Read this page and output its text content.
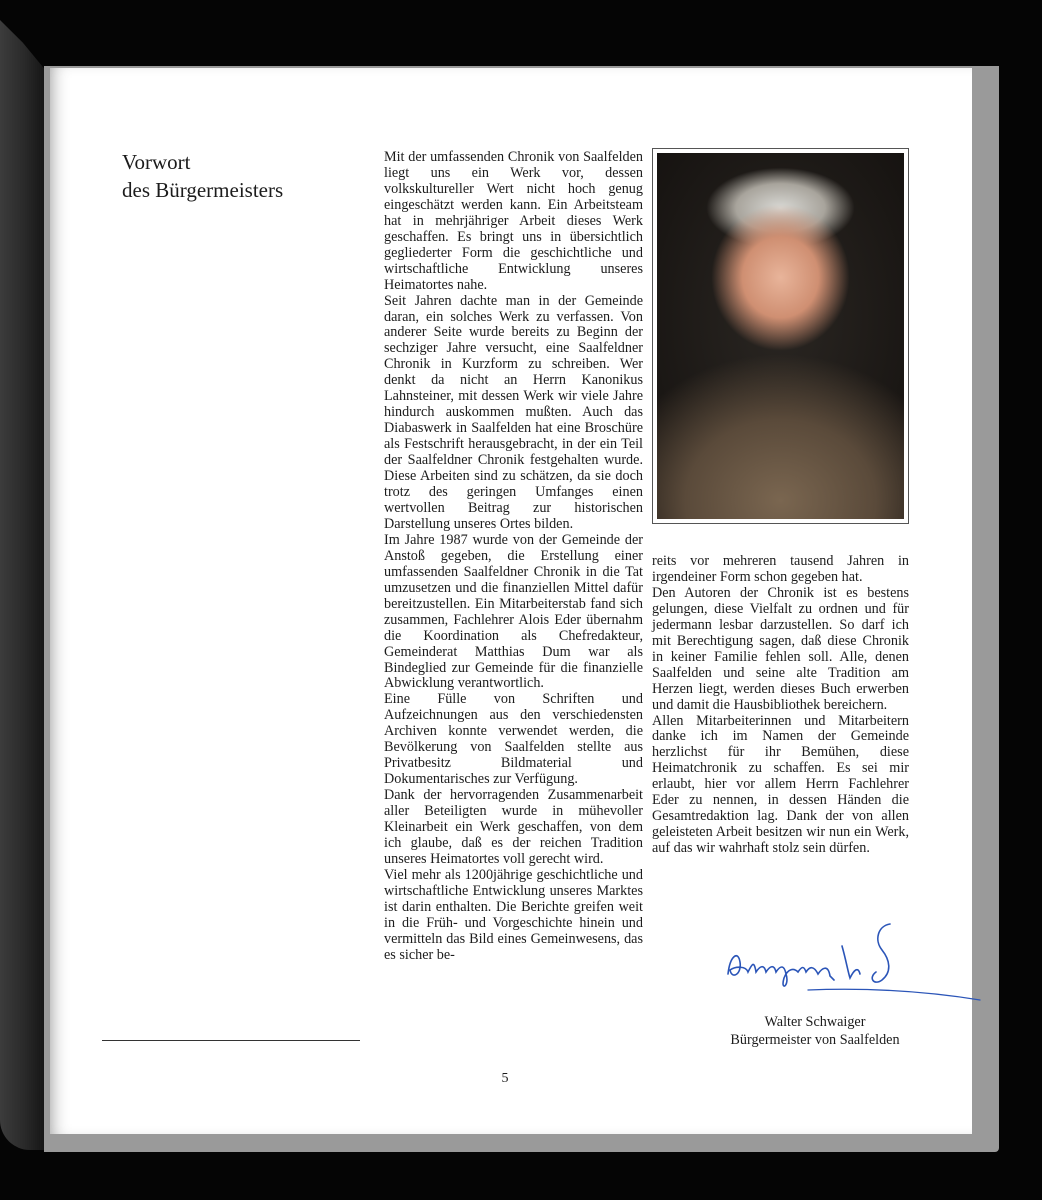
Vorwort
des Bürgermeisters

Mit der umfassenden Chronik von Saalfelden liegt uns ein Werk vor, dessen volkskultureller Wert nicht hoch genug eingeschätzt werden kann. Ein Arbeitsteam hat in mehrjähriger Arbeit dieses Werk geschaffen. Es bringt uns in übersichtlich gegliederter Form die geschichtliche und wirtschaftliche Entwicklung unseres Heimatortes nahe.

Seit Jahren dachte man in der Gemeinde daran, ein solches Werk zu verfassen. Von anderer Seite wurde bereits zu Beginn der sechziger Jahre versucht, eine Saalfeldner Chronik in Kurzform zu schreiben. Wer denkt da nicht an Herrn Kanonikus Lahnsteiner, mit dessen Werk wir viele Jahre hindurch auskommen mußten. Auch das Diabaswerk in Saalfelden hat eine Broschüre als Festschrift herausgebracht, in der ein Teil der Saalfeldner Chronik festgehalten wurde. Diese Arbeiten sind zu schätzen, da sie doch trotz des geringen Umfanges einen wertvollen Beitrag zur historischen Darstellung unseres Ortes bilden.

Im Jahre 1987 wurde von der Gemeinde der Anstoß gegeben, die Erstellung einer umfassenden Saalfeldner Chronik in die Tat umzusetzen und die finanziellen Mittel dafür bereitzustellen. Ein Mitarbeiterstab fand sich zusammen, Fachlehrer Alois Eder übernahm die Koordination als Chefredakteur, Gemeinderat Matthias Dum war als Bindeglied zur Gemeinde für die finanzielle Abwicklung verantwortlich.

Eine Fülle von Schriften und Aufzeichnungen aus den verschiedensten Archiven konnte verwendet werden, die Bevölkerung von Saalfelden stellte aus Privatbesitz Bildmaterial und Dokumentarisches zur Verfügung.

Dank der hervorragenden Zusammenarbeit aller Beteiligten wurde in mühevoller Kleinarbeit ein Werk geschaffen, von dem ich glaube, daß es der reichen Tradition unseres Heimatortes voll gerecht wird.

Viel mehr als 1200jährige geschichtliche und wirtschaftliche Entwicklung unseres Marktes ist darin enthalten. Die Berichte greifen weit in die Früh- und Vorgeschichte hinein und vermitteln das Bild eines Gemeinwesens, das es sicher be-

reits vor mehreren tausend Jahren in irgendeiner Form schon gegeben hat.

Den Autoren der Chronik ist es bestens gelungen, diese Vielfalt zu ordnen und für jedermann lesbar darzustellen. So darf ich mit Berechtigung sagen, daß diese Chronik in keiner Familie fehlen soll. Alle, denen Saalfelden und seine alte Tradition am Herzen liegt, werden dieses Buch erwerben und damit die Hausbibliothek bereichern.

Allen Mitarbeiterinnen und Mitarbeitern danke ich im Namen der Gemeinde herzlichst für ihr Bemühen, diese Heimatchronik zu schaffen. Es sei mir erlaubt, hier vor allem Herrn Fachlehrer Eder zu nennen, in dessen Händen die Gesamtredaktion lag. Dank der von allen geleisteten Arbeit besitzen wir nun ein Werk, auf das wir wahrhaft stolz sein dürfen.

Walter Schwaiger
Bürgermeister von Saalfelden
5
